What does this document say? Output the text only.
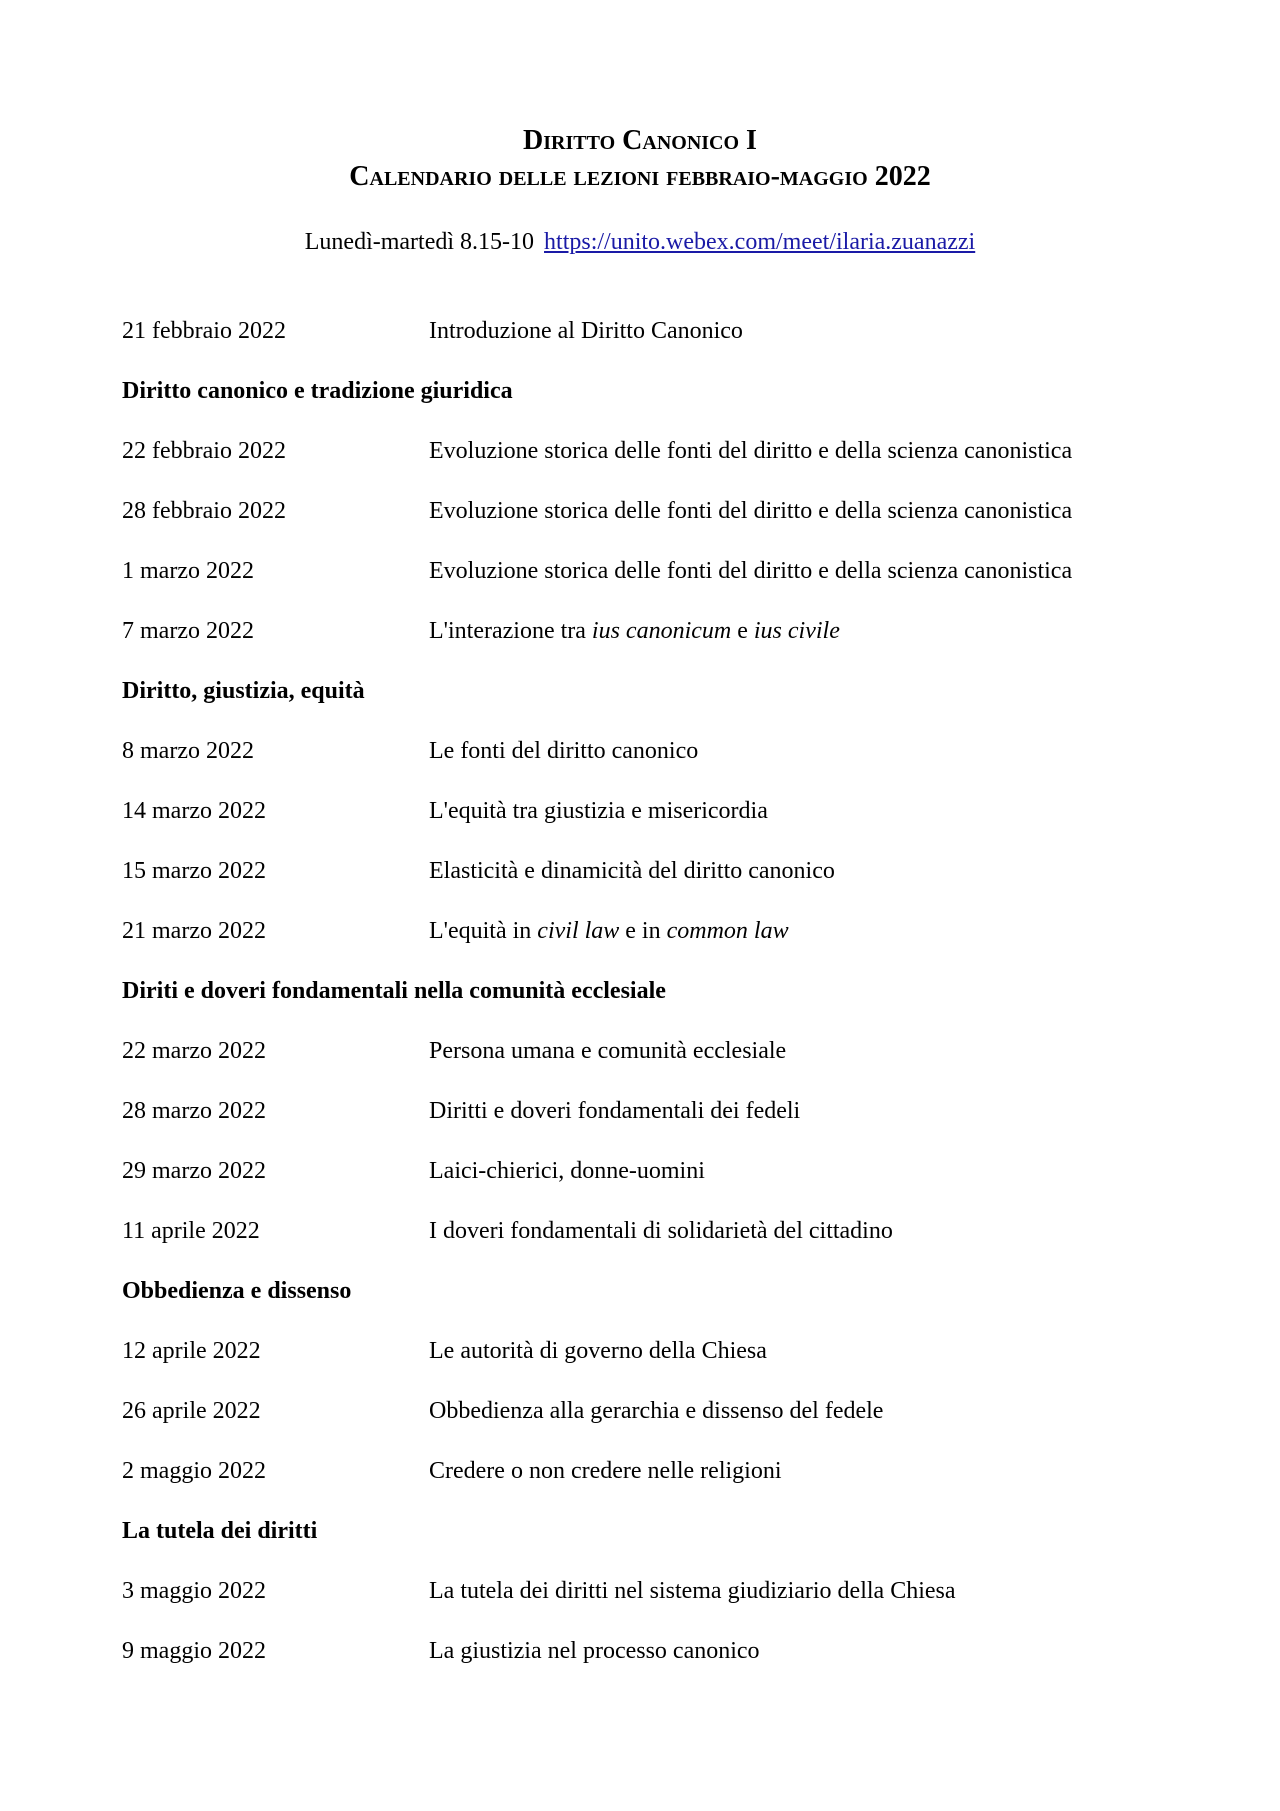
Diritto Canonico I
Calendario delle lezioni febbraio-maggio 2022
Lunedì-martedì 8.15-10 https://unito.webex.com/meet/ilaria.zuanazzi
21 febbraio 2022	Introduzione al Diritto Canonico
Diritto canonico e tradizione giuridica
22 febbraio 2022	Evoluzione storica delle fonti del diritto e della scienza canonistica
28 febbraio 2022	Evoluzione storica delle fonti del diritto e della scienza canonistica
1 marzo 2022	Evoluzione storica delle fonti del diritto e della scienza canonistica
7 marzo 2022	L'interazione tra ius canonicum e ius civile
Diritto, giustizia, equità
8 marzo 2022	Le fonti del diritto canonico
14 marzo 2022	L'equità tra giustizia e misericordia
15 marzo 2022	Elasticità e dinamicità del diritto canonico
21 marzo 2022	L'equità in civil law e in common law
Diriti e doveri fondamentali nella comunità ecclesiale
22 marzo 2022	Persona umana e comunità ecclesiale
28 marzo 2022	Diritti e doveri fondamentali dei fedeli
29 marzo 2022	Laici-chierici, donne-uomini
11 aprile 2022	I doveri fondamentali di solidarietà del cittadino
Obbedienza e dissenso
12 aprile 2022	Le autorità di governo della Chiesa
26 aprile 2022	Obbedienza alla gerarchia e dissenso del fedele
2 maggio 2022	Credere o non credere nelle religioni
La tutela dei diritti
3 maggio 2022	La tutela dei diritti nel sistema giudiziario della Chiesa
9 maggio 2022	La giustizia nel processo canonico
